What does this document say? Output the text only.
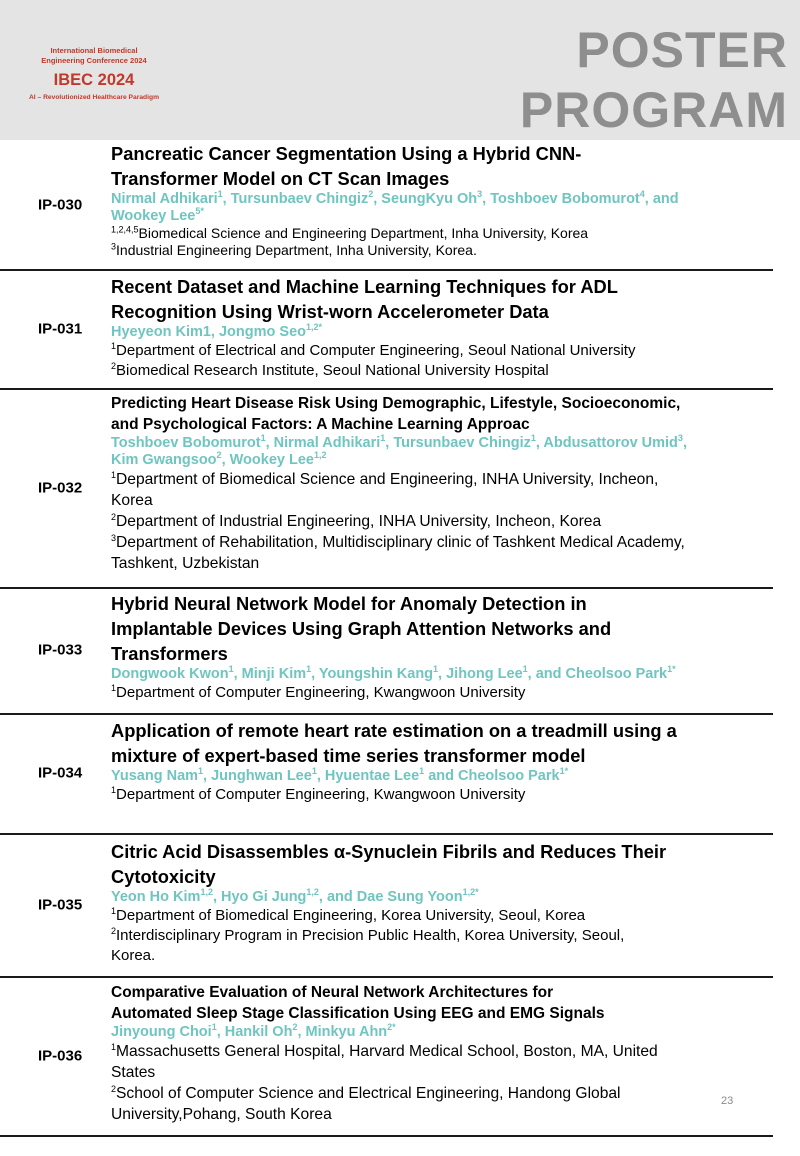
International Biomedical
Engineering Conference 2024
IBEC 2024
AI – Revolutionized Healthcare Paradigm
POSTER
PROGRAM
IP-030
Pancreatic Cancer Segmentation Using a Hybrid CNN-
Transformer Model on CT Scan Images
Nirmal Adhikari$^1$, Tursunbaev Chingiz$^2$, SeungKyu Oh$^3$, Toshboev Bobomurot$^4$, and
Wookey Lee$^{5*}$
$^{1,2,4,5}$Biomedical Science and Engineering Department, Inha University, Korea
$^3$Industrial Engineering Department, Inha University, Korea.
IP-031
Recent Dataset and Machine Learning Techniques for ADL
Recognition Using Wrist-worn Accelerometer Data
Hyeyeon Kim1, Jongmo Seo$^{1,2*}$
$^1$Department of Electrical and Computer Engineering, Seoul National University
$^2$Biomedical Research Institute, Seoul National University Hospital
IP-032
Predicting Heart Disease Risk Using Demographic, Lifestyle, Socioeconomic,
and Psychological Factors: A Machine Learning Approac
Toshboev Bobomurot$^1$, Nirmal Adhikari$^1$, Tursunbaev Chingiz$^1$, Abdusattorov Umid$^3$,
Kim Gwangsoo$^2$, Wookey Lee$^{1,2}$
$^1$Department of Biomedical Science and Engineering, INHA University, Incheon,
Korea
$^2$Department of Industrial Engineering, INHA University, Incheon, Korea
$^3$Department of Rehabilitation, Multidisciplinary clinic of Tashkent Medical Academy,
Tashkent, Uzbekistan
IP-033
Hybrid Neural Network Model for Anomaly Detection in
Implantable Devices Using Graph Attention Networks and
Transformers
Dongwook Kwon$^1$, Minji Kim$^1$, Youngshin Kang$^1$, Jihong Lee$^1$, and Cheolsoo Park$^{1*}$
$^1$Department of Computer Engineering, Kwangwoon University
IP-034
Application of remote heart rate estimation on a treadmill using a
mixture of expert-based time series transformer model
Yusang Nam$^1$, Junghwan Lee$^1$, Hyuentae Lee$^1$ and Cheolsoo Park$^{1*}$
$^1$Department of Computer Engineering, Kwangwoon University
IP-035
Citric Acid Disassembles α-Synuclein Fibrils and Reduces Their
Cytotoxicity
Yeon Ho Kim$^{1,2}$, Hyo Gi Jung$^{1,2}$, and Dae Sung Yoon$^{1,2*}$
$^1$Department of Biomedical Engineering, Korea University, Seoul, Korea
$^2$Interdisciplinary Program in Precision Public Health, Korea University, Seoul,
Korea.
IP-036
Comparative Evaluation of Neural Network Architectures for
Automated Sleep Stage Classification Using EEG and EMG Signals
Jinyoung Choi$^1$, Hankil Oh$^2$, Minkyu Ahn$^{2*}$
$^1$Massachusetts General Hospital, Harvard Medical School, Boston, MA, United
States
$^2$School of Computer Science and Electrical Engineering, Handong Global
University,Pohang, South Korea
23
